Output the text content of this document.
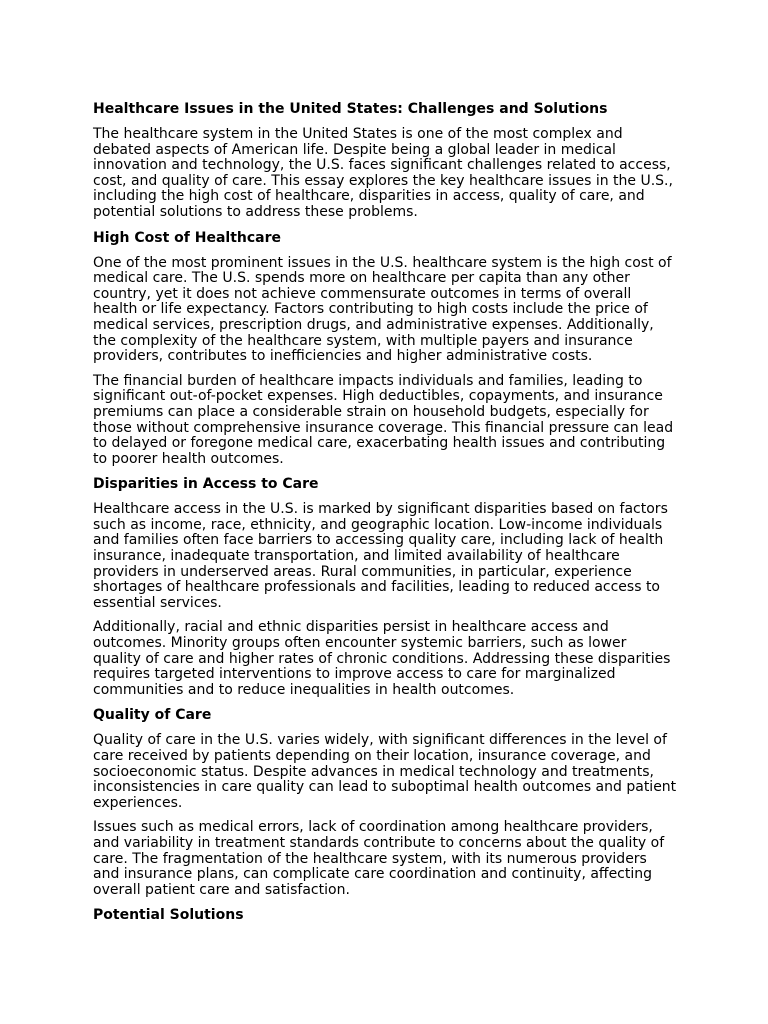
Healthcare Issues in the United States: Challenges and Solutions

The healthcare system in the United States is one of the most complex and debated aspects of American life. Despite being a global leader in medical innovation and technology, the U.S. faces significant challenges related to access, cost, and quality of care. This essay explores the key healthcare issues in the U.S., including the high cost of healthcare, disparities in access, quality of care, and potential solutions to address these problems.

High Cost of Healthcare

One of the most prominent issues in the U.S. healthcare system is the high cost of medical care. The U.S. spends more on healthcare per capita than any other country, yet it does not achieve commensurate outcomes in terms of overall health or life expectancy. Factors contributing to high costs include the price of medical services, prescription drugs, and administrative expenses. Additionally, the complexity of the healthcare system, with multiple payers and insurance providers, contributes to inefficiencies and higher administrative costs.

The financial burden of healthcare impacts individuals and families, leading to significant out-of-pocket expenses. High deductibles, copayments, and insurance premiums can place a considerable strain on household budgets, especially for those without comprehensive insurance coverage. This financial pressure can lead to delayed or foregone medical care, exacerbating health issues and contributing to poorer health outcomes.

Disparities in Access to Care

Healthcare access in the U.S. is marked by significant disparities based on factors such as income, race, ethnicity, and geographic location. Low-income individuals and families often face barriers to accessing quality care, including lack of health insurance, inadequate transportation, and limited availability of healthcare providers in underserved areas. Rural communities, in particular, experience shortages of healthcare professionals and facilities, leading to reduced access to essential services.

Additionally, racial and ethnic disparities persist in healthcare access and outcomes. Minority groups often encounter systemic barriers, such as lower quality of care and higher rates of chronic conditions. Addressing these disparities requires targeted interventions to improve access to care for marginalized communities and to reduce inequalities in health outcomes.

Quality of Care

Quality of care in the U.S. varies widely, with significant differences in the level of care received by patients depending on their location, insurance coverage, and socioeconomic status. Despite advances in medical technology and treatments, inconsistencies in care quality can lead to suboptimal health outcomes and patient experiences.

Issues such as medical errors, lack of coordination among healthcare providers, and variability in treatment standards contribute to concerns about the quality of care. The fragmentation of the healthcare system, with its numerous providers and insurance plans, can complicate care coordination and continuity, affecting overall patient care and satisfaction.

Potential Solutions
